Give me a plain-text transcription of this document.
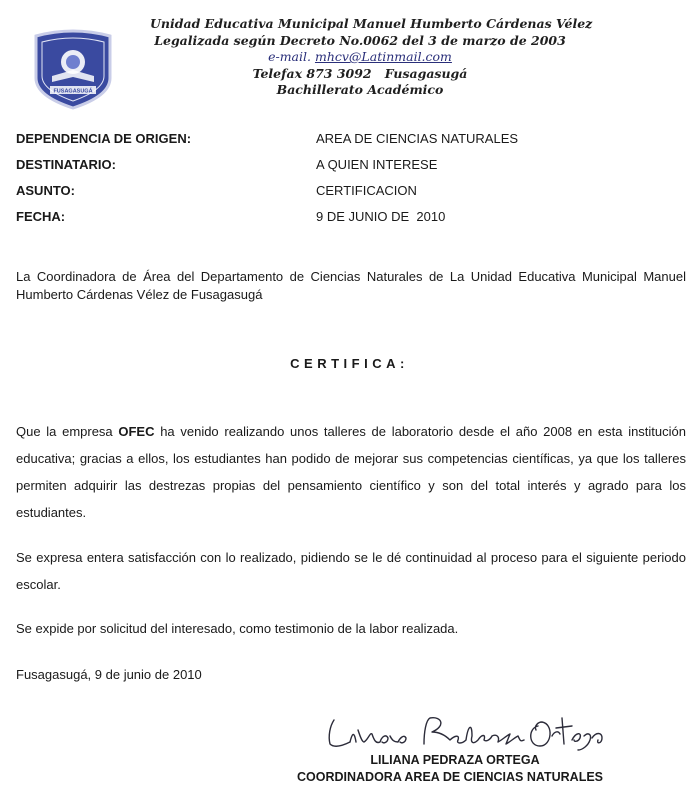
FUSAGASUGÁ
Unidad Educativa Municipal Manuel Humberto Cárdenas Vélez
Legalizada según Decreto No.0062 del 3 de marzo de 2003
e-mail. mhcv@Latinmail.com
Telefax 873 3092 Fusagasugá
Bachillerato Académico
DEPENDENCIA DE ORIGEN:	AREA DE CIENCIAS NATURALES
DESTINATARIO:	A QUIEN INTERESE
ASUNTO:	CERTIFICACION
FECHA:	9 DE JUNIO DE  2010
La Coordinadora de Área del Departamento de Ciencias Naturales de La Unidad Educativa Municipal Manuel Humberto Cárdenas Vélez de Fusagasugá
CERTIFICA:
Que la empresa OFEC ha venido realizando unos talleres de laboratorio desde el año 2008 en esta institución educativa; gracias a ellos, los estudiantes han podido de mejorar sus competencias científicas, ya que los talleres permiten adquirir las destrezas propias del pensamiento científico y son del total interés y agrado para los estudiantes.
Se expresa entera satisfacción con lo realizado, pidiendo se le dé continuidad al proceso para el siguiente periodo escolar.
Se expide por solicitud del interesado, como testimonio de la labor realizada.
Fusagasugá, 9 de junio de 2010
LILIANA PEDRAZA ORTEGA
COORDINADORA AREA DE CIENCIAS NATURALES
